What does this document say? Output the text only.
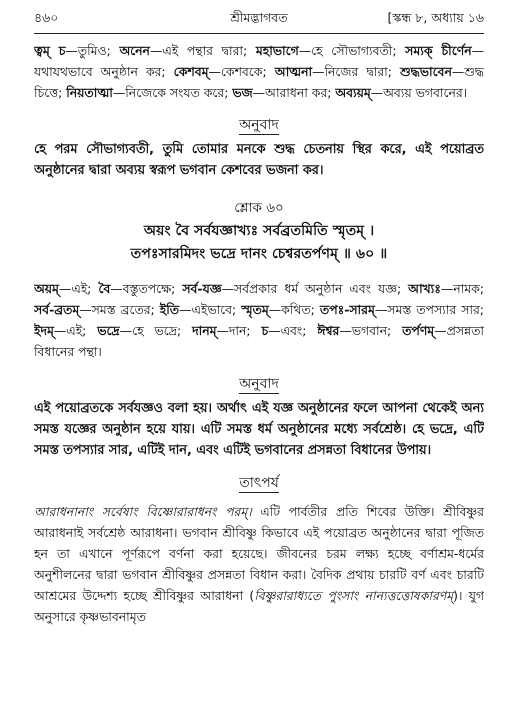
৪৬০	শ্রীমদ্ভাগবত	[স্কন্ধ ৮, অধ্যায় ১৬

ত্বম্‌ চ—তুমিও; অনেন—এই পন্থার দ্বারা; মহাভাগে—হে সৌভাগ্যবতী; সম্যক্‌ চীর্ণেন—যথাযথভাবে অনুষ্ঠান কর; কেশবম্‌—কেশবকে; আত্মনা—নিজের দ্বারা; শুদ্ধভাবেন—শুদ্ধ চিত্তে; নিয়তাত্মা—নিজেকে সংযত করে; ভজ—আরাধনা কর; অব্যয়ম্‌—অব্যয় ভগবানের।

অনুবাদ

হে পরম সৌভাগ্যবতী, তুমি তোমার মনকে শুদ্ধ চেতনায় স্থির করে, এই পয়োব্রত অনুষ্ঠানের দ্বারা অব্যয় স্বরূপ ভগবান কেশবের ভজনা কর।

শ্লোক ৬০
অয়ং বৈ সর্বযজ্ঞাখ্যঃ সর্বব্রতমিতি স্মৃতম্‌ ।
তপঃসারমিদং ভদ্রে দানং চেশ্বরতর্পণম্‌ ॥ ৬০ ॥

অয়ম্‌—এই; বৈ—বস্তুতপক্ষে; সর্ব-যজ্ঞ—সর্বপ্রকার ধর্ম অনুষ্ঠান এবং যজ্ঞ; আখ্যঃ—নামক; সর্ব-ব্রতম্‌—সমস্ত ব্রতের; ইতি—এইভাবে; স্মৃতম্‌—কথিত; তপঃ-সারম্‌—সমস্ত তপস্যার সার; ইদম্‌—এই; ভদ্রে—হে ভদ্রে; দানম্‌—দান; চ—এবং; ঈশ্বর—ভগবান; তর্পণম্‌—প্রসন্নতা বিধানের পন্থা।

অনুবাদ

এই পয়োব্রতকে সর্বযজ্ঞও বলা হয়। অর্থাৎ এই যজ্ঞ অনুষ্ঠানের ফলে আপনা থেকেই অন্য সমস্ত যজ্ঞের অনুষ্ঠান হয়ে যায়। এটি সমস্ত ধর্ম অনুষ্ঠানের মধ্যে সর্বশ্রেষ্ঠ। হে ভদ্রে, এটি সমস্ত তপস্যার সার, এটিই দান, এবং এটিই ভগবানের প্রসন্নতা বিধানের উপায়।

তাৎপর্য

আরাধনানাং সর্বেষাং বিষ্ণোরারাধনং পরম্‌। এটি পার্বতীর প্রতি শিবের উক্তি। শ্রীবিষ্ণুর আরাধনাই সর্বশ্রেষ্ঠ আরাধনা। ভগবান শ্রীবিষ্ণু কিভাবে এই পয়োব্রত অনুষ্ঠানের দ্বারা পূজিত হন তা এখানে পূর্ণরূপে বর্ণনা করা হয়েছে। জীবনের চরম লক্ষ্য হচ্ছে বর্ণাশ্রম-ধর্মের অনুশীলনের দ্বারা ভগবান শ্রীবিষ্ণুর প্রসন্নতা বিধান করা। বৈদিক প্রথায় চারটি বর্ণ এবং চারটি আশ্রমের উদ্দেশ্য হচ্ছে শ্রীবিষ্ণুর আরাধনা (বিষ্ণুরারাধ্যতে পুংসাং নান্যত্তত্তোষকারণম্‌)। যুগ অনুসারে কৃষ্ণভাবনামৃত
